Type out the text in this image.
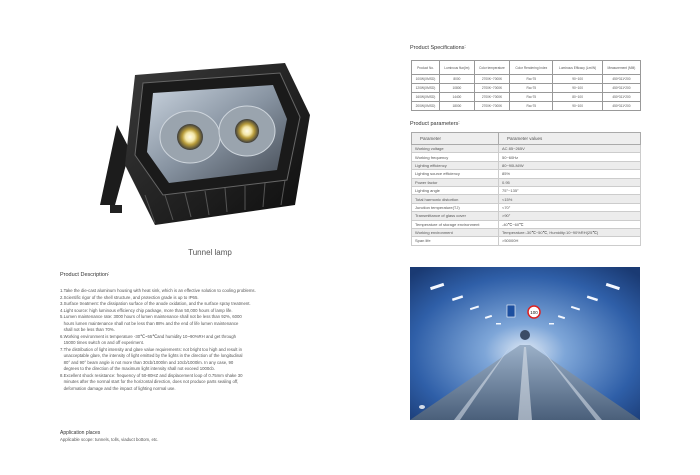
Tunnel lamp
Product Description∶
1.Take the die-cast aluminum housing with heat sink, which is an effective solution to cooling problems.
2.Scientific rigor of the shell structure, and protection grade is up to IP65.
3.Surface treatment: the dissipation surface of the anode oxidation, and the surface spray treatment.
4.Light source: high luminous efficiency chip package, more than 50,000 hours of lamp life.
5.Lumen maintenance rate: 3000 hours of lumen maintenance shall not be less than 92%, 6000
hours lumen maintenance shall not be less than 88% and the end of life lumen maintenance
shall not be less than 70%.
6.Working environment is temperature -30℃~55℃and humidity 10~90%RH and get through
15000 times switch on and off experiment.
7.The distribution of light intensity and glare value requirements: not bright too high and result in
unacceptable glare, the intensity of light emitted by the lights in the direction of the longitudinal
80° and 90° beam angle is not more than 30cb/1000lm and 10cb/1000lm. In any case, 90
degrees to the direction of the maximum light intensity shall not exceed 1000cb.
8.Excellent shock resistance: frequency of 50-80HZ and displacement loop of 0.75mm shake 30
minutes after the normal start for the horizontal direction, does not produce parts sealing off,
deformation damage and the impact of lighting normal use.
Application places
Applicable scope: tunnels, tolls, viaduct bottom, etc.
Product Specifications∶
Product No.	Luminous flux(lm)	Color temperature	Color Rendering Index	Luminous Efficacy (Lm/W)	Measurement (MM)
100W(XMSD)	8000	2700K~7000K	Ra>75	90~100	450*311*200
120W(XMSD)	10800	2700K~7000K	Ra>75	90~100	450*311*200
160W(XMSD)	14400	2700K~7000K	Ra>75	80~100	450*311*200
200W(XMSD)	18000	2700K~7000K	Ra>75	90~100	450*311*200
Product parameters∶
Parameter	Parameter values
Working voltage	AC 85~265V
Working frequency	50~60Hz
Lighting efficiency	80~90LM/W
Lighting source efficiency	85%
Power factor	0.95
Lighting angle	75°~135°
Total harmonic distortion	<15%
Junction temperature(TJ)	<70°
Transmittance of glass cover	>90°
Temperature of storage environment	-40℃~60℃
Working environment	Temperature:-30℃~50℃, Humidity:10~90%RH(25℃)
Span life	>50000H
100
